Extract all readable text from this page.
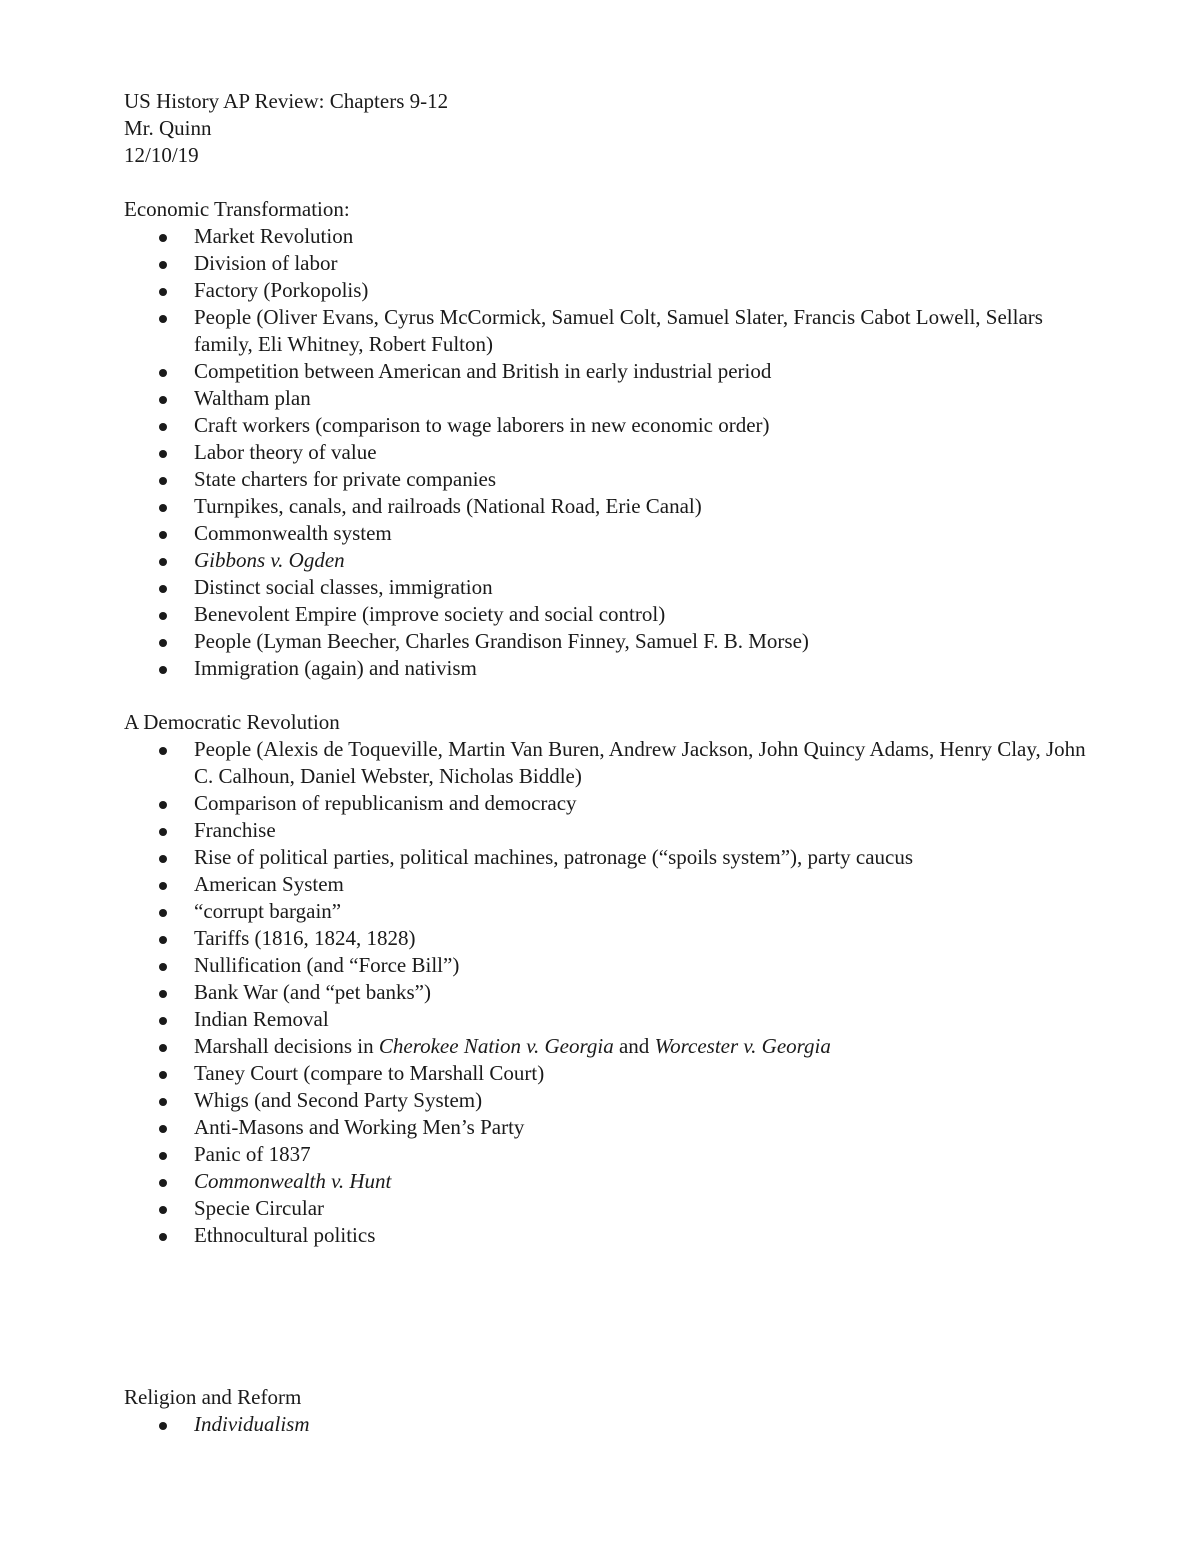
US History AP Review: Chapters 9-12
Mr. Quinn
12/10/19
Economic Transformation:
Market Revolution
Division of labor
Factory (Porkopolis)
People (Oliver Evans, Cyrus McCormick, Samuel Colt, Samuel Slater, Francis Cabot Lowell, Sellars family, Eli Whitney, Robert Fulton)
Competition between American and British in early industrial period
Waltham plan
Craft workers (comparison to wage laborers in new economic order)
Labor theory of value
State charters for private companies
Turnpikes, canals, and railroads (National Road, Erie Canal)
Commonwealth system
Gibbons v. Ogden
Distinct social classes, immigration
Benevolent Empire (improve society and social control)
People (Lyman Beecher, Charles Grandison Finney, Samuel F. B. Morse)
Immigration (again) and nativism
A Democratic Revolution
People (Alexis de Toqueville, Martin Van Buren, Andrew Jackson, John Quincy Adams, Henry Clay, John C. Calhoun, Daniel Webster, Nicholas Biddle)
Comparison of republicanism and democracy
Franchise
Rise of political parties, political machines, patronage (“spoils system”), party caucus
American System
“corrupt bargain”
Tariffs (1816, 1824, 1828)
Nullification (and “Force Bill”)
Bank War (and “pet banks”)
Indian Removal
Marshall decisions in Cherokee Nation v. Georgia and Worcester v. Georgia
Taney Court (compare to Marshall Court)
Whigs (and Second Party System)
Anti-Masons and Working Men’s Party
Panic of 1837
Commonwealth v. Hunt
Specie Circular
Ethnocultural politics
Religion and Reform
Individualism
